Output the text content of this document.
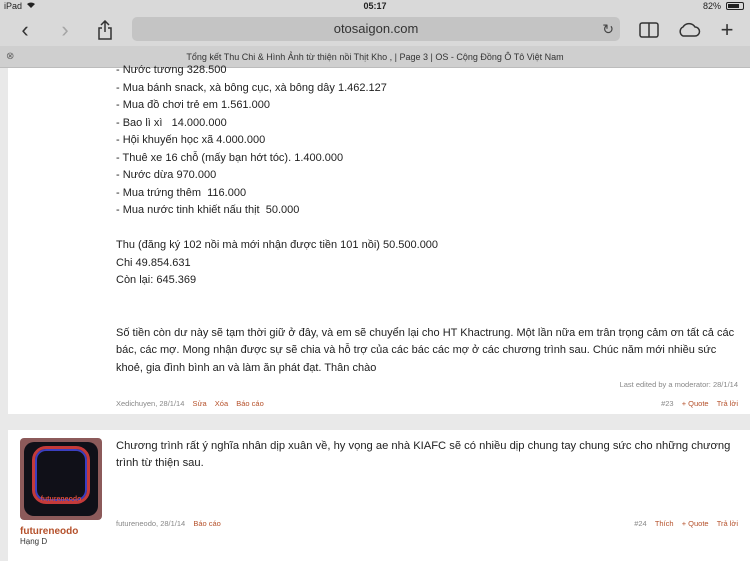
iPad	05:17	82%
‹	›	otosaigon.com	↻	+
⊗	Tổng kết Thu Chi & Hình Ảnh từ thiện nồi Thịt Kho , | Page 3 | OS - Cộng Đồng Ô Tô Việt Nam
- Nước tương 328.500
- Mua bánh snack, xà bông cục, xà bông dây 1.462.127
- Mua đồ chơi trẻ em 1.561.000
- Bao lì xì   14.000.000
- Hội khuyến học xã 4.000.000
- Thuê xe 16 chỗ (mấy bạn hớt tóc). 1.400.000
- Nước dừa 970.000
- Mua trứng thêm  116.000
- Mua nước tinh khiết nấu thịt  50.000
Thu (đăng ký 102 nồi mà mới nhận được tiền 101 nồi) 50.500.000
Chi 49.854.631
Còn lại: 645.369
Số tiền còn dư này sẽ tạm thời giữ ở đây, và em sẽ chuyển lại cho HT Khactrung. Một lần nữa em trân trọng cảm ơn tất cả các
bác, các mợ. Mong nhận được sự sẽ chia và hỗ trợ của các bác các mợ ở các chương trình sau. Chúc năm mới nhiều sức
khoẻ, gia đình bình an và làm ăn phát đạt. Thân chào
Last edited by a moderator: 28/1/14
Xedichuyen, 28/1/14 Sửa Xóa Báo cáo	#23 + Quote Trả lời
futureneodo
futureneodo
Hạng D
Chương trình rất ý nghĩa nhân dịp xuân về, hy vọng ae nhà KIAFC sẽ có nhiều dịp chung tay chung sức cho những chương
trình từ thiện sau.
futureneodo, 28/1/14 Báo cáo	#24 Thích + Quote Trả lời
